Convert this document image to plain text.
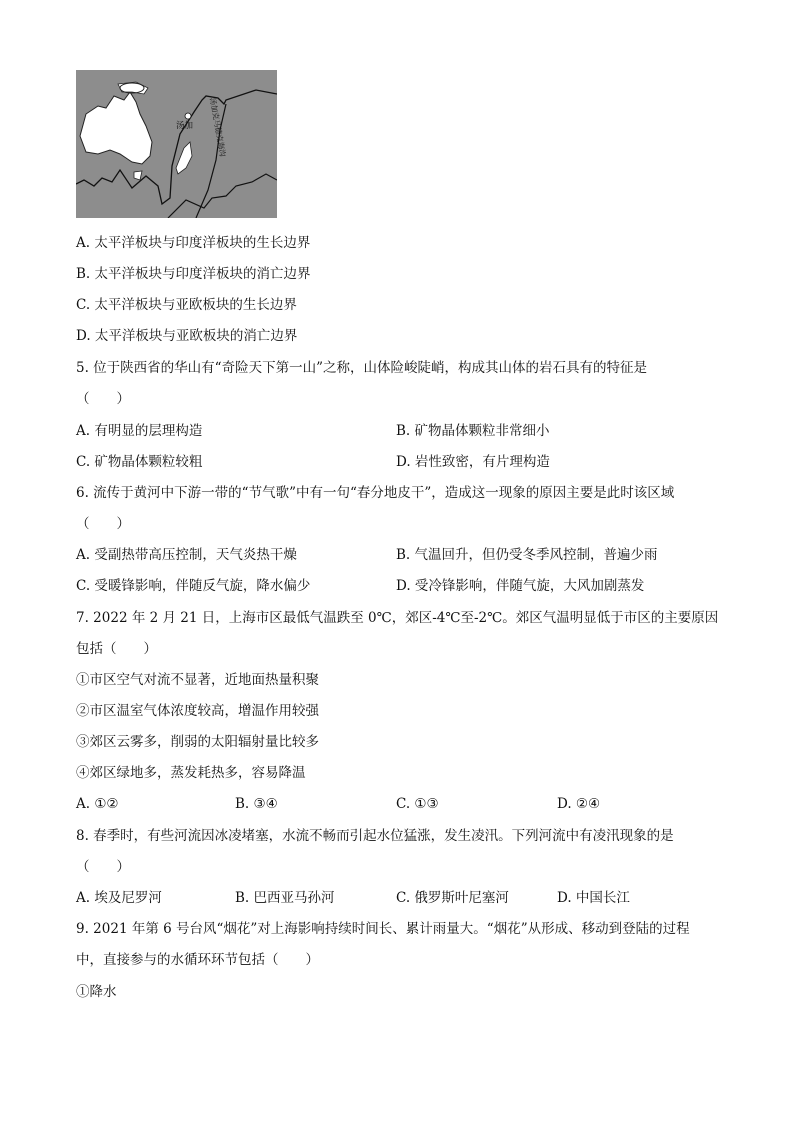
汤加 汤加克马德克海沟
A. 太平洋板块与印度洋板块的生长边界
B. 太平洋板块与印度洋板块的消亡边界
C. 太平洋板块与亚欧板块的生长边界
D. 太平洋板块与亚欧板块的消亡边界
5. 位于陕西省的华山有“奇险天下第一山”之称，山体险峻陡峭，构成其山体的岩石具有的特征是
（　　）
A. 有明显的层理构造	B. 矿物晶体颗粒非常细小
C. 矿物晶体颗粒较粗	D. 岩性致密，有片理构造
6. 流传于黄河中下游一带的“节气歌”中有一句“春分地皮干”，造成这一现象的原因主要是此时该区域
（　　）
A. 受副热带高压控制，天气炎热干燥	B. 气温回升，但仍受冬季风控制，普遍少雨
C. 受暖锋影响，伴随反气旋，降水偏少	D. 受冷锋影响，伴随气旋，大风加剧蒸发
7. 2022 年 2 月 21 日，上海市区最低气温跌至 0℃，郊区-4℃至-2℃。郊区气温明显低于市区的主要原因
包括（　　）
①市区空气对流不显著，近地面热量积聚
②市区温室气体浓度较高，增温作用较强
③郊区云雾多，削弱的太阳辐射量比较多
④郊区绿地多，蒸发耗热多，容易降温
A. ①②	B. ③④	C. ①③	D. ②④
8. 春季时，有些河流因冰凌堵塞，水流不畅而引起水位猛涨，发生凌汛。下列河流中有凌汛现象的是
（　　）
A. 埃及尼罗河	B. 巴西亚马孙河	C. 俄罗斯叶尼塞河	D. 中国长江
9. 2021 年第 6 号台风“烟花”对上海影响持续时间长、累计雨量大。“烟花”从形成、移动到登陆的过程
中，直接参与的水循环环节包括（　　）
①降水
